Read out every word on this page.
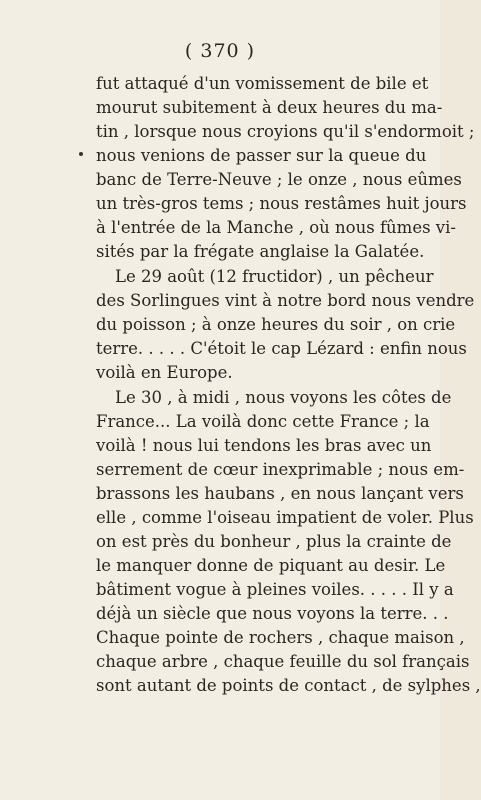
( 370 )
fut attaqué d'un vomissement de bile et
mourut subitement à deux heures du ma-
tin , lorsque nous croyions qu'il s'endormoit ;
nous venions de passer sur la queue du
banc de Terre-Neuve ; le onze , nous eûmes
un très-gros tems ; nous restâmes huit jours
à l'entrée de la Manche , où nous fûmes vi-
sités par la frégate anglaise la Galatée.
Le 29 août (12 fructidor) , un pêcheur
des Sorlingues vint à notre bord nous vendre
du poisson ; à onze heures du soir , on crie
terre. . . . . C'étoit le cap Lézard : enfin nous
voilà en Europe.
Le 30 , à midi , nous voyons les côtes de
France... La voilà donc cette France ; la
voilà ! nous lui tendons les bras avec un
serrement de cœur inexprimable ; nous em-
brassons les haubans , en nous lançant vers
elle , comme l'oiseau impatient de voler. Plus
on est près du bonheur , plus la crainte de
le manquer donne de piquant au desir. Le
bâtiment vogue à pleines voiles. . . . . Il y a
déjà un siècle que nous voyons la terre. . .
Chaque pointe de rochers , chaque maison ,
chaque arbre , chaque feuille du sol français
sont autant de points de contact , de sylphes ,
